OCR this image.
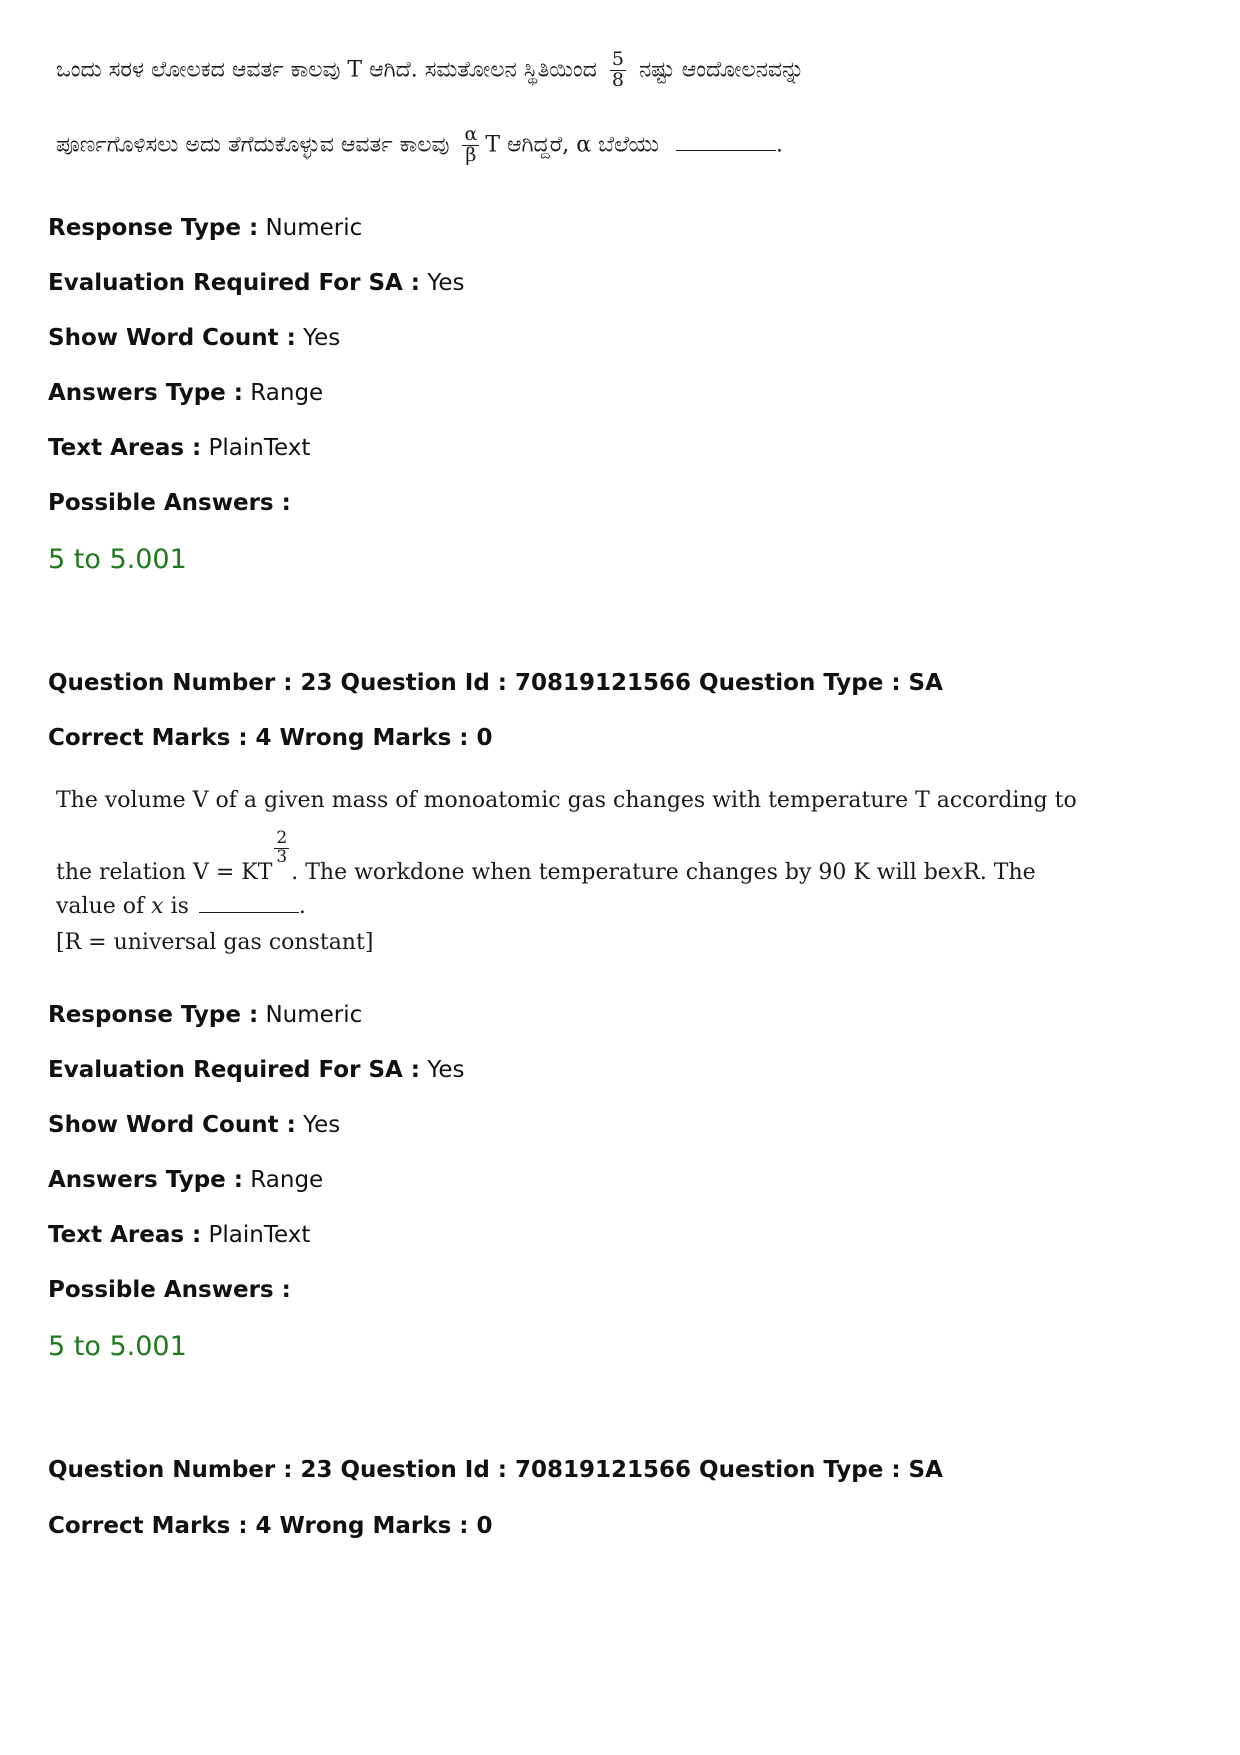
ಒಂದು ಸರಳ ಲೋಲಕದ ಆವರ್ತ ಕಾಲವು T ಆಗಿದೆ. ಸಮತೋಲನ ಸ್ಥಿತಿಯಿಂದ $\frac{5}{8}$ ನಷ್ಟು ಆಂದೋಲನವನ್ನು
ಪೂರ್ಣಗೊಳಿಸಲು ಅದು ತೆಗೆದುಕೊಳ್ಳುವ ಆವರ್ತ ಕಾಲವು $\frac{\alpha}{\beta}$ T ಆಗಿದ್ದರೆ, α ಬೆಲೆಯು	.
Response Type : Numeric
Evaluation Required For SA : Yes
Show Word Count : Yes
Answers Type : Range
Text Areas : PlainText
Possible Answers :
5 to 5.001
Question Number : 23 Question Id : 70819121566 Question Type : SA
Correct Marks : 4 Wrong Marks : 0
The volume V of a given mass of monoatomic gas changes with temperature T according to
the relation V = KT
$\frac{2}{3}$
. The workdone when temperature changes by 90 K will bexR. The
value of x is	.
[R = universal gas constant]
Response Type : Numeric
Evaluation Required For SA : Yes
Show Word Count : Yes
Answers Type : Range
Text Areas : PlainText
Possible Answers :
5 to 5.001
Question Number : 23 Question Id : 70819121566 Question Type : SA
Correct Marks : 4 Wrong Marks : 0
